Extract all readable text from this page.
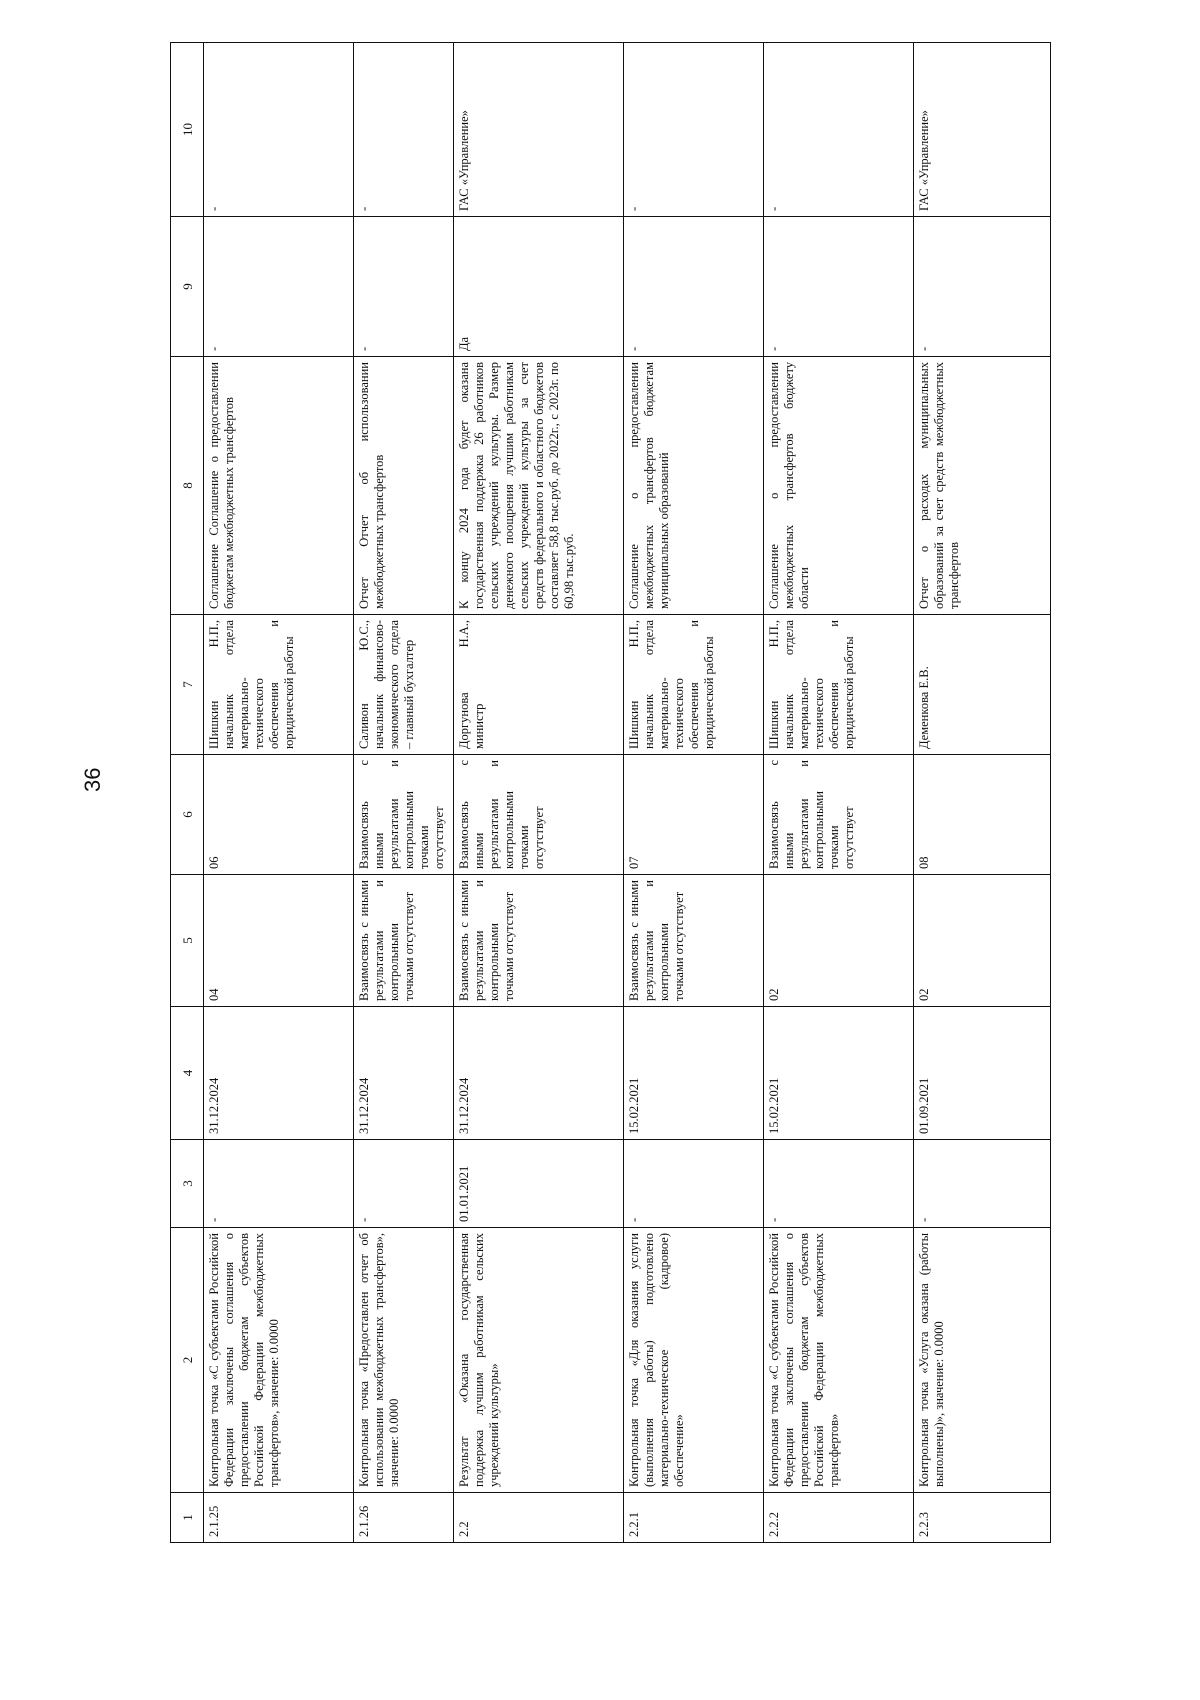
36
1	2	3	4	5	6	7	8	9	10
2.1.25	Контрольная точка «С субъектами Российской Федерации заключены соглашения о предоставлении бюджетам субъектов Российской Федерации межбюджетных трансфертов», значение: 0.0000	-	31.12.2024	04	06	Шишкин Н.П., начальник отдела материально-технического обеспечения и юридической работы	Соглашение Соглашение о предоставлении бюджетам межбюджетных трансфертов	-	-
2.1.26	Контрольная точка «Предоставлен отчет об использовании межбюджетных трансфертов», значение: 0.0000	-	31.12.2024	Взаимосвязь с иными результатами и контрольными точками отсутствует	Взаимосвязь с иными результатами и контрольными точками отсутствует	Саливон Ю.С., начальник финансово-экономического отдела – главный бухгалтер	Отчет Отчет об использовании межбюджетных трансфертов	-	-
2.2	Результат «Оказана государственная поддержка лучшим работникам сельских учреждений культуры»	01.01.2021	31.12.2024	Взаимосвязь с иными результатами и контрольными точками отсутствует	Взаимосвязь с иными результатами и контрольными точками отсутствует	Доргунова Н.А., министр	К концу 2024 года будет оказана государственная поддержка 26 работников сельских учреждений культуры. Размер денежного поощрения лучшим работникам сельских учреждений культуры за счет средств федерального и областного бюджетов составляет 58,8 тыс.руб. до 2022г., с 2023г. по 60,98 тыс.руб.	Да	ГАС «Управление»
2.2.1	Контрольная точка «Для оказания услуги (выполнения работы) подготовлено материально-техническое (кадровое) обеспечение»	-	15.02.2021	Взаимосвязь с иными результатами и контрольными точками отсутствует	07	Шишкин Н.П., начальник отдела материально-технического обеспечения и юридической работы	Соглашение о предоставлении межбюджетных трансфертов бюджетам муниципальных образований	-	-
2.2.2	Контрольная точка «С субъектами Российской Федерации заключены соглашения о предоставлении бюджетам субъектов Российской Федерации межбюджетных трансфертов»	-	15.02.2021	02	Взаимосвязь с иными результатами и контрольными точками отсутствует	Шишкин Н.П., начальник отдела материально-технического обеспечения и юридической работы	Соглашение о предоставлении межбюджетных трансфертов бюджету области	-	-
2.2.3	Контрольная точка «Услуга оказана (работы выполнены)», значение: 0.0000	-	01.09.2021	02	08	Деменкова Е.В.	Отчет о расходах муниципальных образований за счет средств межбюджетных трансфертов	-	ГАС «Управление»
